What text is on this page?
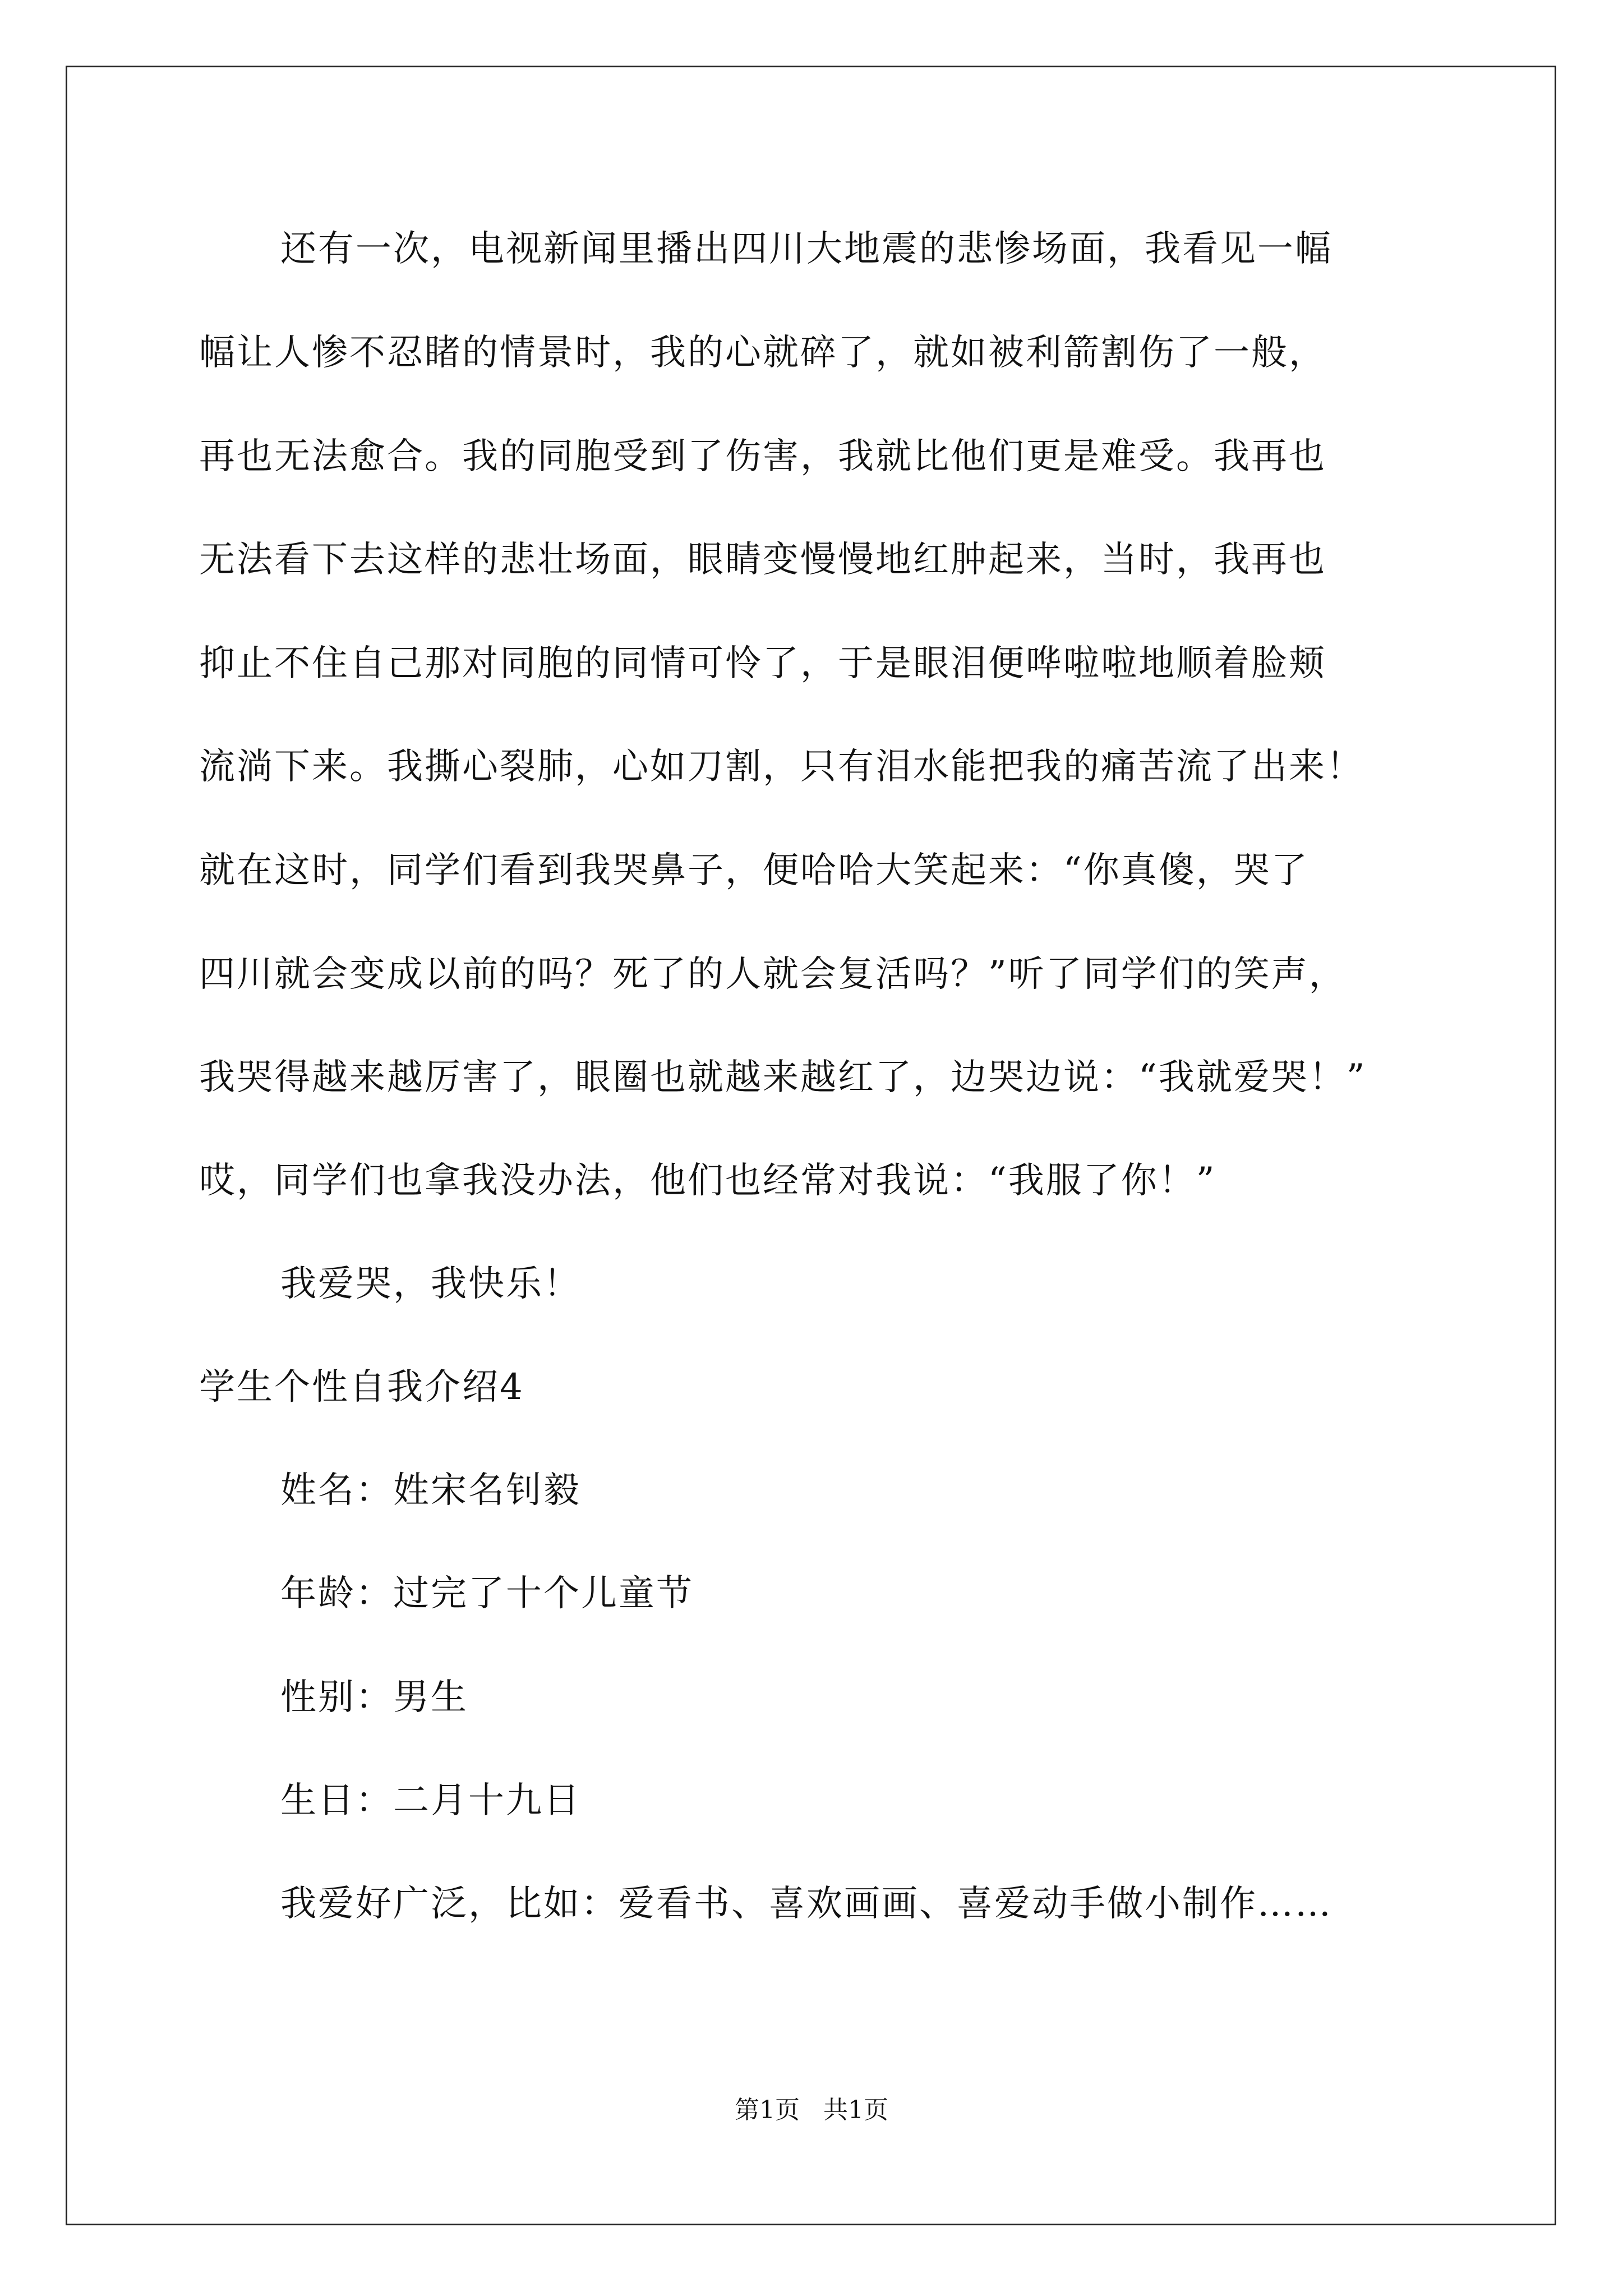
还有一次，电视新闻里播出四川大地震的悲惨场面，我看见一幅
幅让人惨不忍睹的情景时，我的心就碎了，就如被利箭割伤了一般，
再也无法愈合。我的同胞受到了伤害，我就比他们更是难受。我再也
无法看下去这样的悲壮场面，眼睛变慢慢地红肿起来，当时，我再也
抑止不住自己那对同胞的同情可怜了，于是眼泪便哗啦啦地顺着脸颊
流淌下来。我撕心裂肺，心如刀割，只有泪水能把我的痛苦流了出来！
就在这时，同学们看到我哭鼻子，便哈哈大笑起来：“你真傻，哭了
四川就会变成以前的吗？死了的人就会复活吗？”听了同学们的笑声，
我哭得越来越厉害了，眼圈也就越来越红了，边哭边说：“我就爱哭！”
哎，同学们也拿我没办法，他们也经常对我说：“我服了你！”
我爱哭，我快乐！
学生个性自我介绍4
姓名：姓宋名钊毅
年龄：过完了十个儿童节
性别：男生
生日：二月十九日
我爱好广泛，比如：爱看书、喜欢画画、喜爱动手做小制作……
第1页   共1页
